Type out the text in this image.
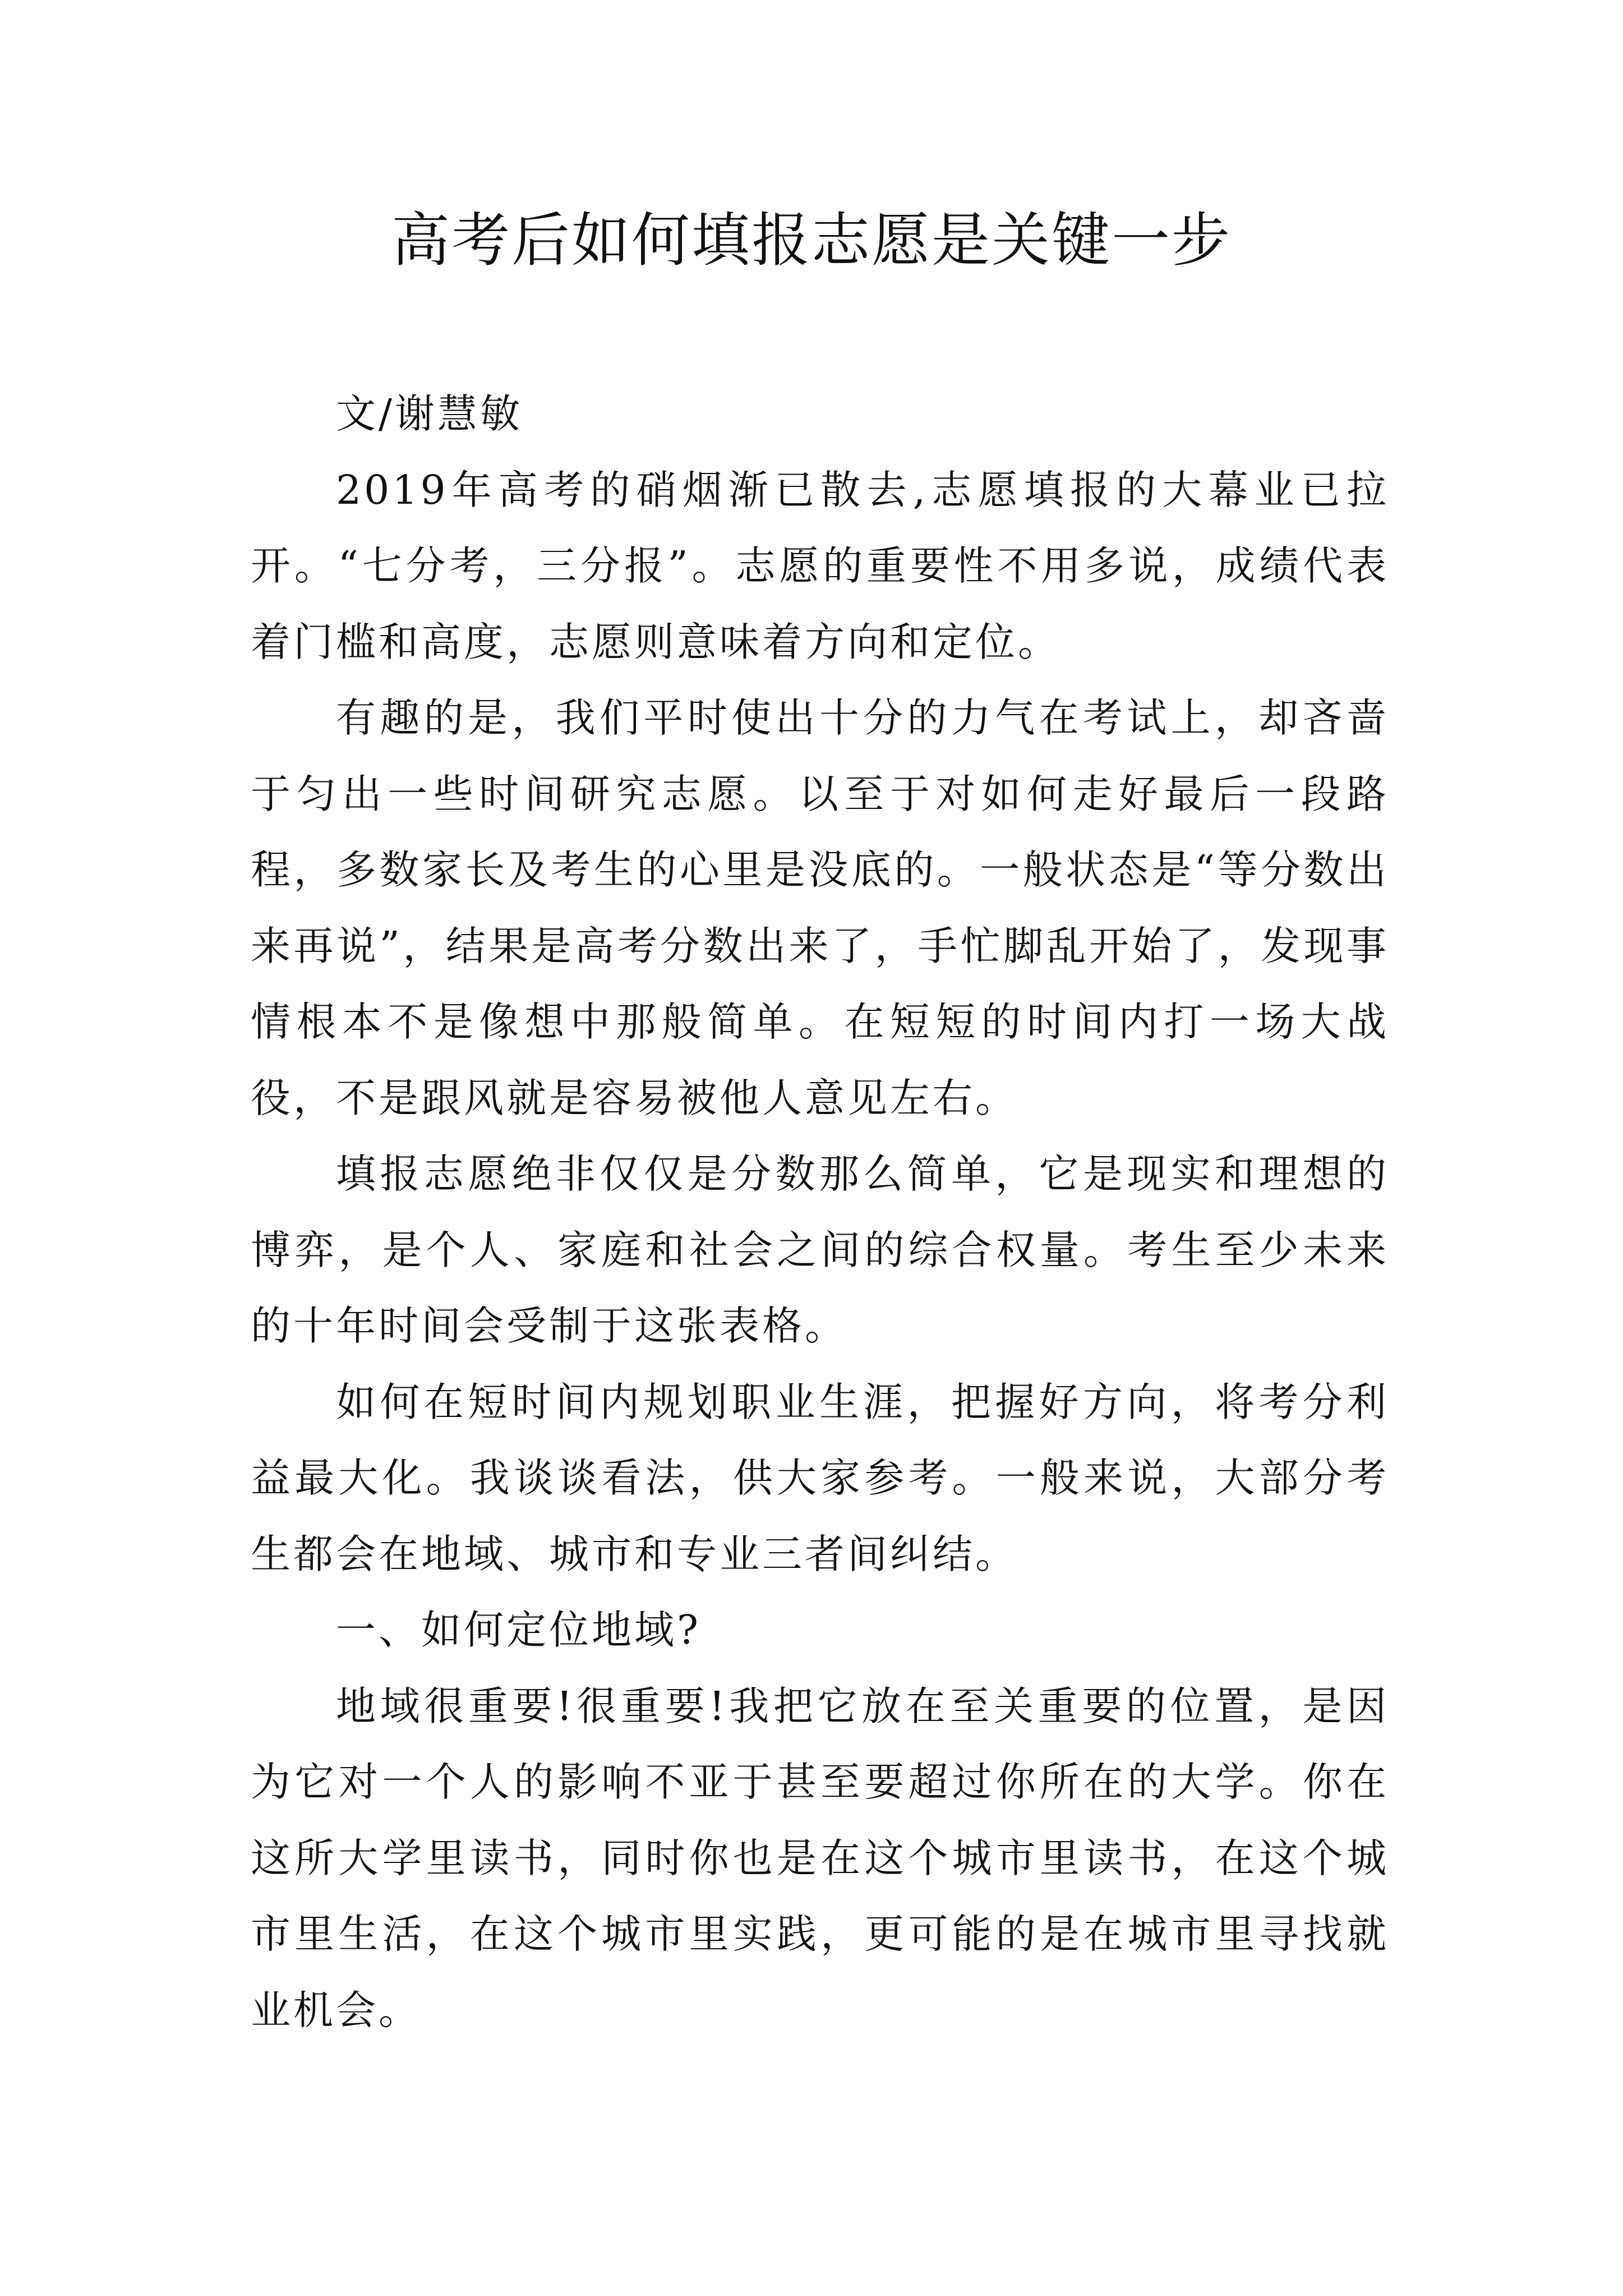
高考后如何填报志愿是关键一步

文/谢慧敏

2019年高考的硝烟渐已散去,志愿填报的大幕业已拉开。“七分考，三分报”。志愿的重要性不用多说，成绩代表着门槛和高度，志愿则意味着方向和定位。

有趣的是，我们平时使出十分的力气在考试上，却吝啬于匀出一些时间研究志愿。以至于对如何走好最后一段路程，多数家长及考生的心里是没底的。一般状态是“等分数出来再说”，结果是高考分数出来了，手忙脚乱开始了，发现事情根本不是像想中那般简单。在短短的时间内打一场大战役，不是跟风就是容易被他人意见左右。

填报志愿绝非仅仅是分数那么简单，它是现实和理想的博弈，是个人、家庭和社会之间的综合权量。考生至少未来的十年时间会受制于这张表格。

如何在短时间内规划职业生涯，把握好方向，将考分利益最大化。我谈谈看法，供大家参考。一般来说，大部分考生都会在地域、城市和专业三者间纠结。

一、如何定位地域?

地域很重要!很重要!我把它放在至关重要的位置，是因为它对一个人的影响不亚于甚至要超过你所在的大学。你在这所大学里读书，同时你也是在这个城市里读书，在这个城市里生活，在这个城市里实践，更可能的是在城市里寻找就业机会。
